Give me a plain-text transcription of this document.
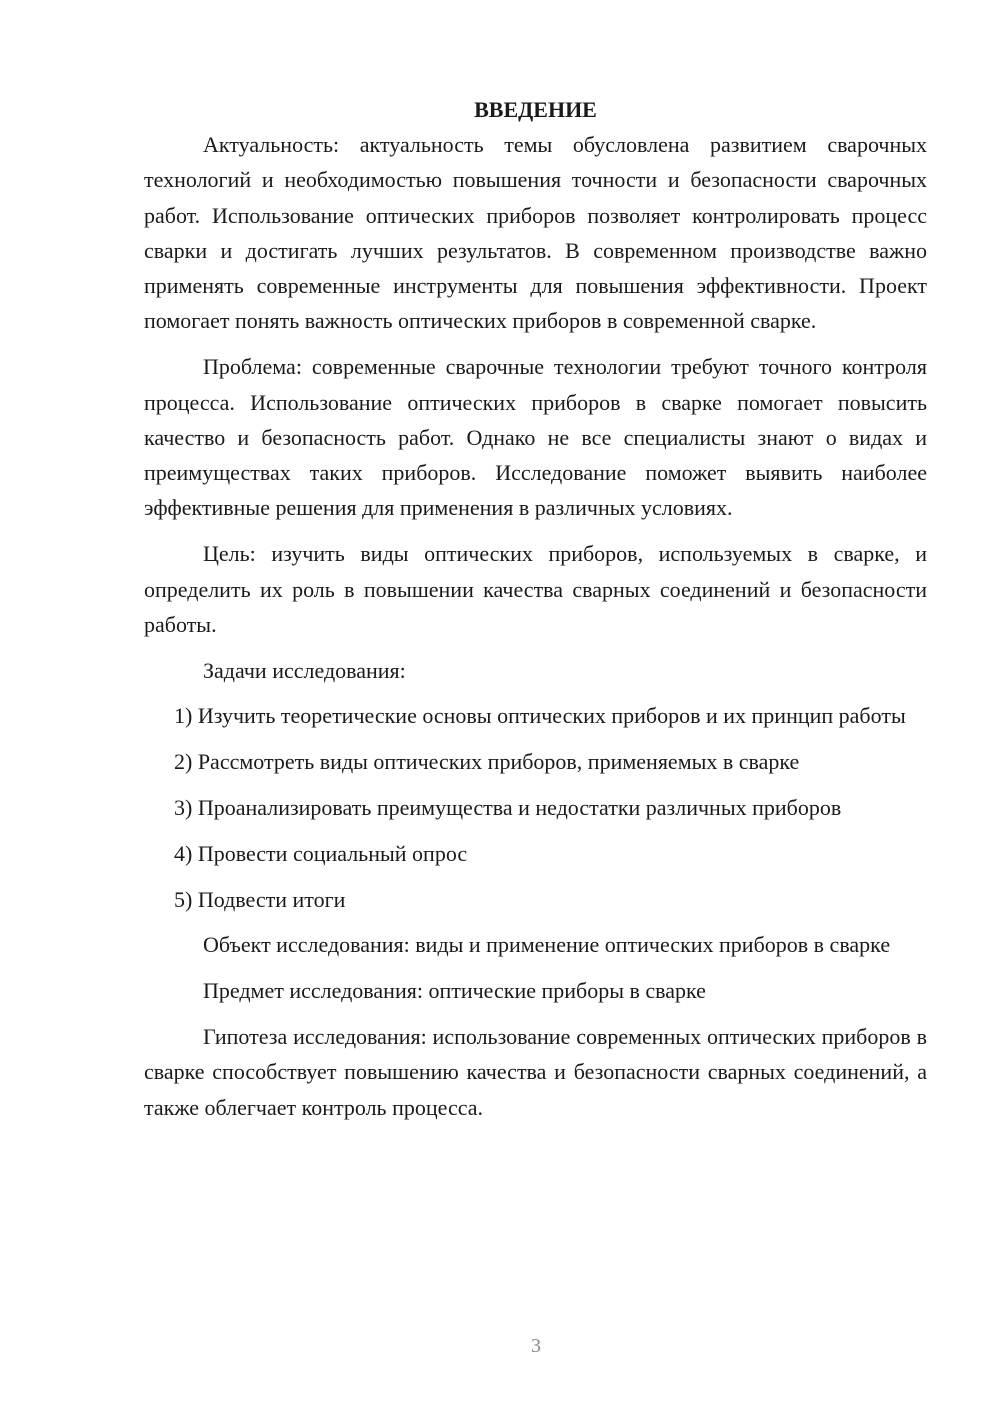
ВВЕДЕНИЕ

Актуальность: актуальность темы обусловлена развитием сварочных технологий и необходимостью повышения точности и безопасности сварочных работ. Использование оптических приборов позволяет контролировать процесс сварки и достигать лучших результатов. В современном производстве важно применять современные инструменты для повышения эффективности. Проект помогает понять важность оптических приборов в современной сварке.

Проблема: современные сварочные технологии требуют точного контроля процесса. Использование оптических приборов в сварке помогает повысить качество и безопасность работ. Однако не все специалисты знают о видах и преимуществах таких приборов. Исследование поможет выявить наиболее эффективные решения для применения в различных условиях.

Цель: изучить виды оптических приборов, используемых в сварке, и определить их роль в повышении качества сварных соединений и безопасности работы.

Задачи исследования:

1) Изучить теоретические основы оптических приборов и их принцип работы

2) Рассмотреть виды оптических приборов, применяемых в сварке

3) Проанализировать преимущества и недостатки различных приборов

4) Провести социальный опрос

5) Подвести итоги

Объект исследования: виды и применение оптических приборов в сварке

Предмет исследования: оптические приборы в сварке

Гипотеза исследования: использование современных оптических приборов в сварке способствует повышению качества и безопасности сварных соединений, а также облегчает контроль процесса.

3
